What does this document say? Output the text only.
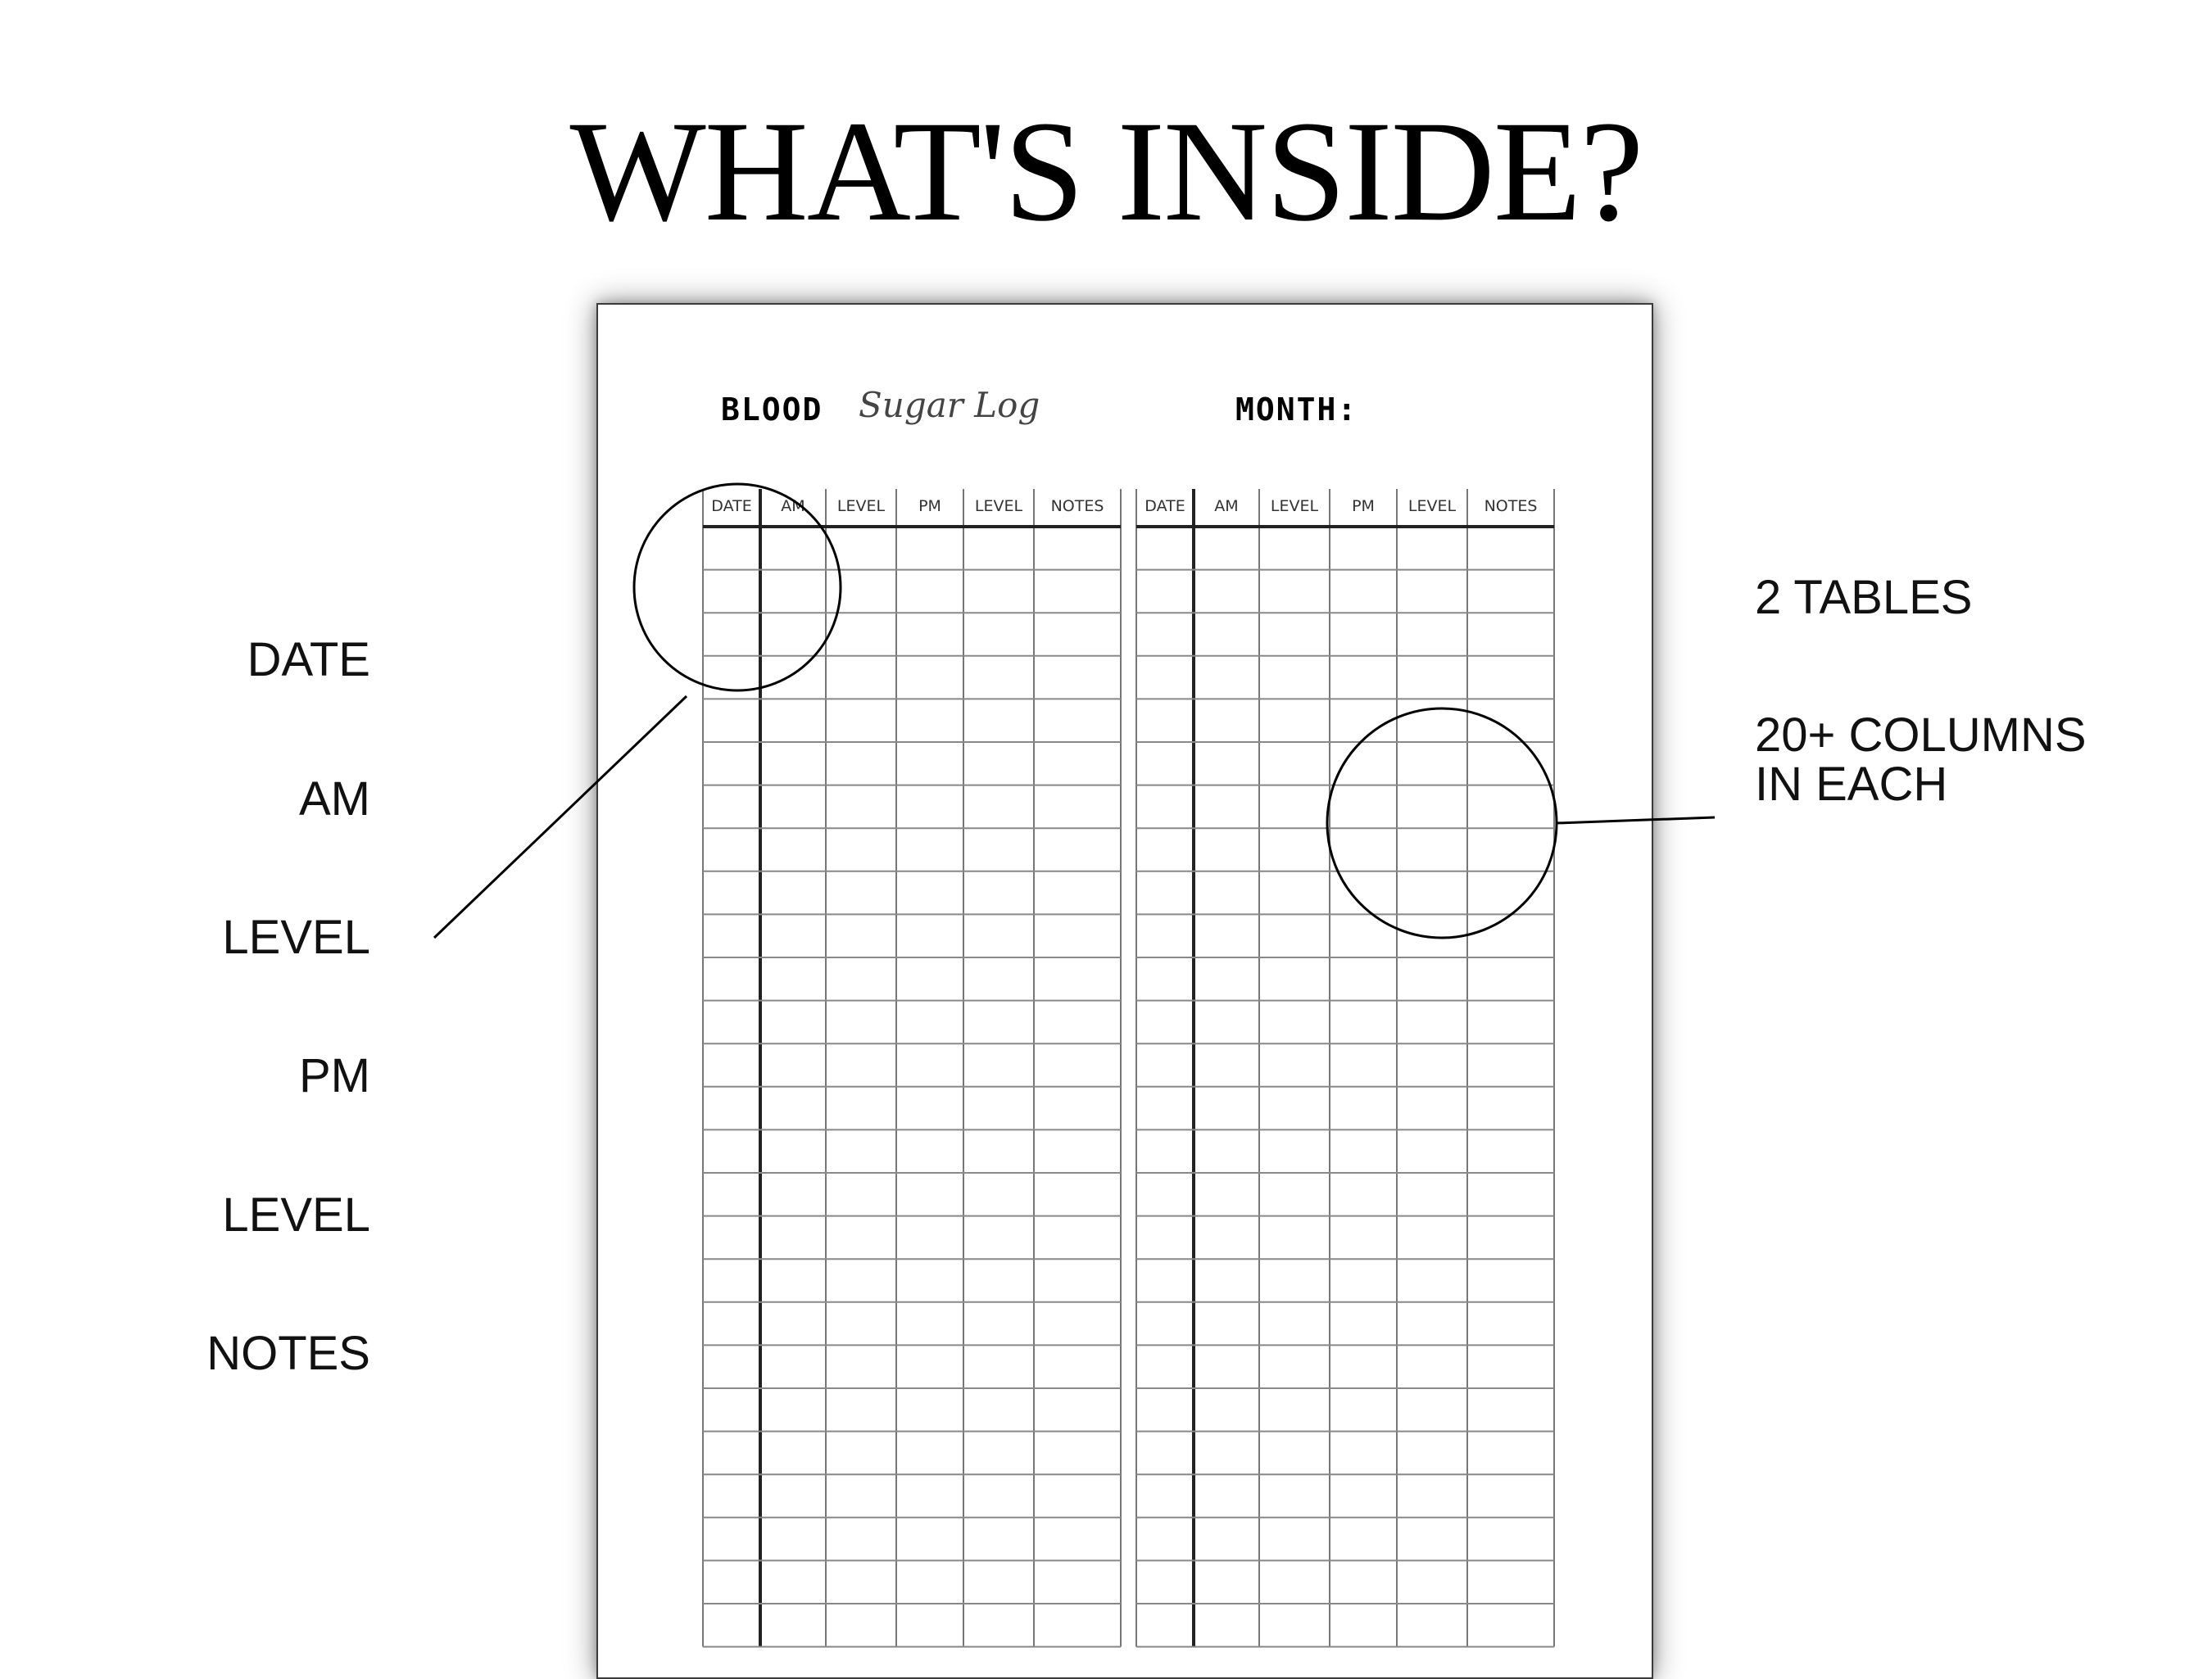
WHAT'S INSIDE?
BLOOD Sugar Log	MONTH:
DATE AM LEVEL PM LEVEL NOTES	DATE AM LEVEL PM LEVEL NOTES
DATE
AM
LEVEL
PM
LEVEL
NOTES
2 TABLES
20+ COLUMNS
IN EACH
